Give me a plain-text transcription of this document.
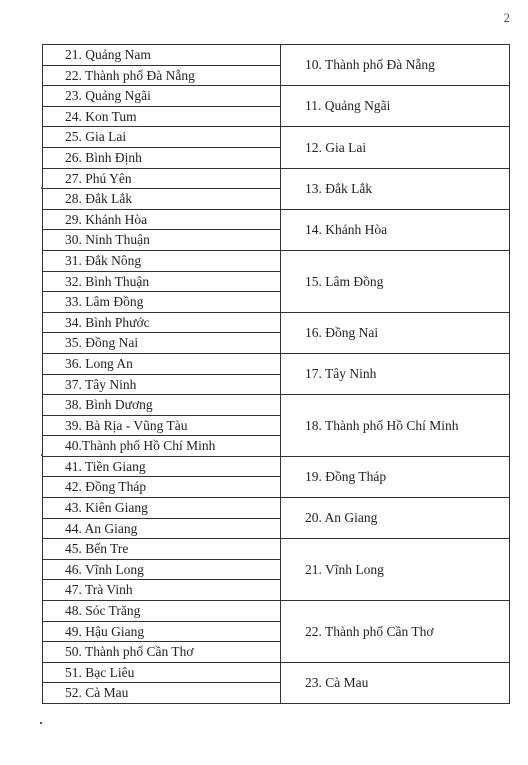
2
21. Quảng Nam	10. Thành phố Đà Nẵng
22. Thành phố Đà Nẵng	
23. Quảng Ngãi	11. Quảng Ngãi
24. Kon Tum	
25. Gia Lai	12. Gia Lai
26. Bình Định	
27. Phú Yên	13. Đắk Lắk
28. Đắk Lắk	
29. Khánh Hòa	14. Khánh Hòa
30. Ninh Thuận	
31. Đắk Nông	15. Lâm Đồng
32. Bình Thuận	
33. Lâm Đồng	
34. Bình Phước	16. Đồng Nai
35. Đồng Nai	
36. Long An	17. Tây Ninh
37. Tây Ninh	
38. Bình Dương	18. Thành phố Hồ Chí Minh
39. Bà Rịa - Vũng Tàu	
40.Thành phố Hồ Chí Minh	
41. Tiền Giang	19. Đồng Tháp
42. Đồng Tháp	
43. Kiên Giang	20. An Giang
44. An Giang	
45. Bến Tre	21. Vĩnh Long
46. Vĩnh Long	
47. Trà Vinh	
48. Sóc Trăng	22. Thành phố Cần Thơ
49. Hậu Giang	
50. Thành phố Cần Thơ	
51. Bạc Liêu	23. Cà Mau
52. Cà Mau	
